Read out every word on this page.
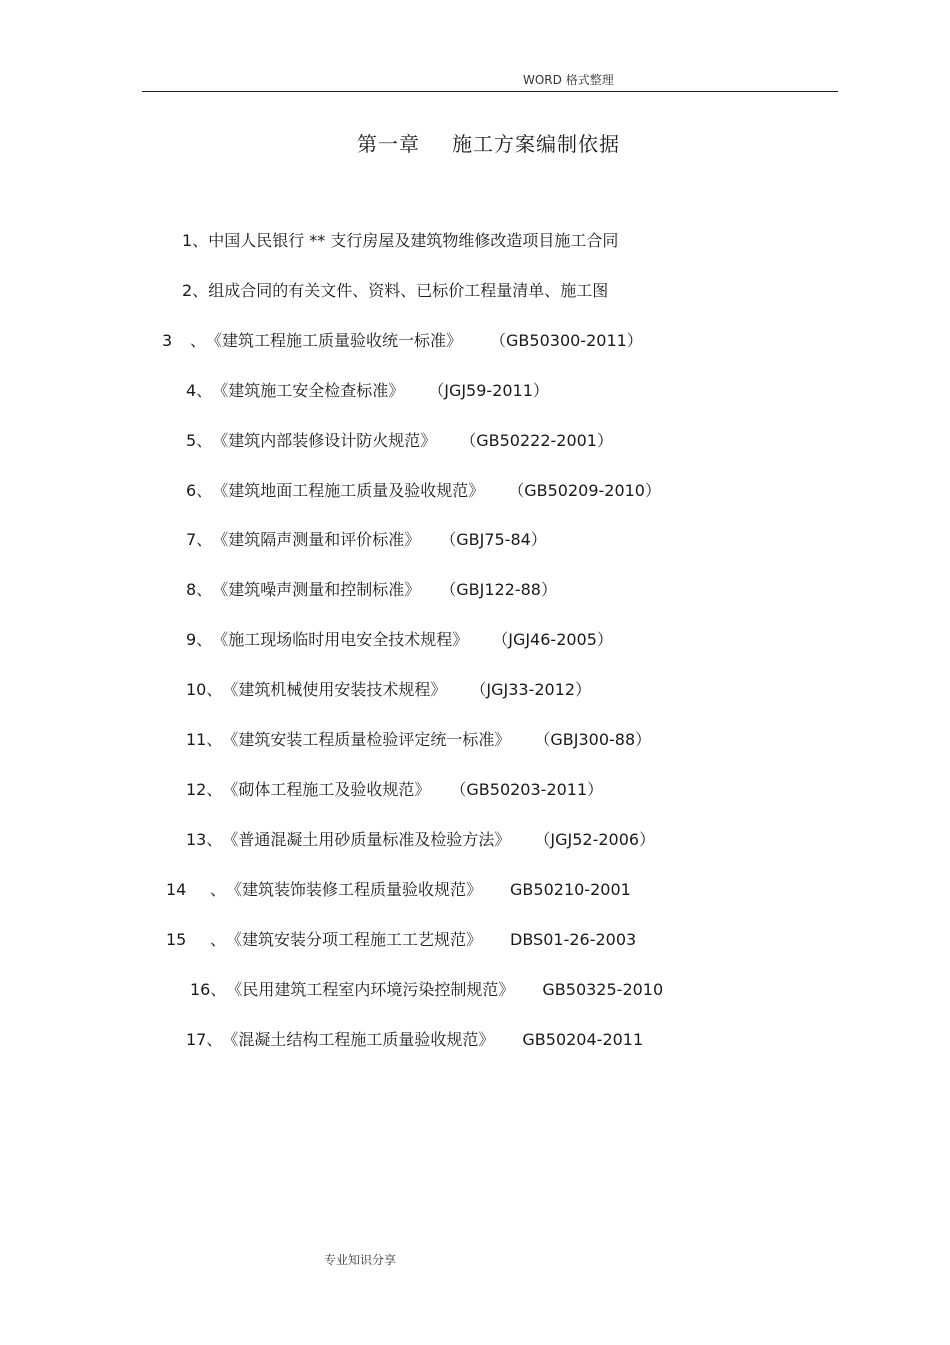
WORD 格式整理
第一章 施工方案编制依据
1、中国人民银行 ** 支行房屋及建筑物维修改造项目施工合同
2、组成合同的有关文件、资料、已标价工程量清单、施工图
3 、《建筑工程施工质量验收统一标准》 （GB50300-2011）
4、《建筑施工安全检查标准》 （JGJ59-2011）
5、《建筑内部装修设计防火规范》 （GB50222-2001）
6、《建筑地面工程施工质量及验收规范》 （GB50209-2010）
7、《建筑隔声测量和评价标准》 （GBJ75-84）
8、《建筑噪声测量和控制标准》 （GBJ122-88）
9、《施工现场临时用电安全技术规程》 （JGJ46-2005）
10、《建筑机械使用安装技术规程》 （JGJ33-2012）
11、《建筑安装工程质量检验评定统一标准》 （GBJ300-88）
12、《砌体工程施工及验收规范》 （GB50203-2011）
13、《普通混凝土用砂质量标准及检验方法》 （JGJ52-2006）
14 、《建筑装饰装修工程质量验收规范》 GB50210-2001
15 、《建筑安装分项工程施工工艺规范》 DBS01-26-2003
16、《民用建筑工程室内环境污染控制规范》 GB50325-2010
17、《混凝土结构工程施工质量验收规范》 GB50204-2011
专业知识分享
